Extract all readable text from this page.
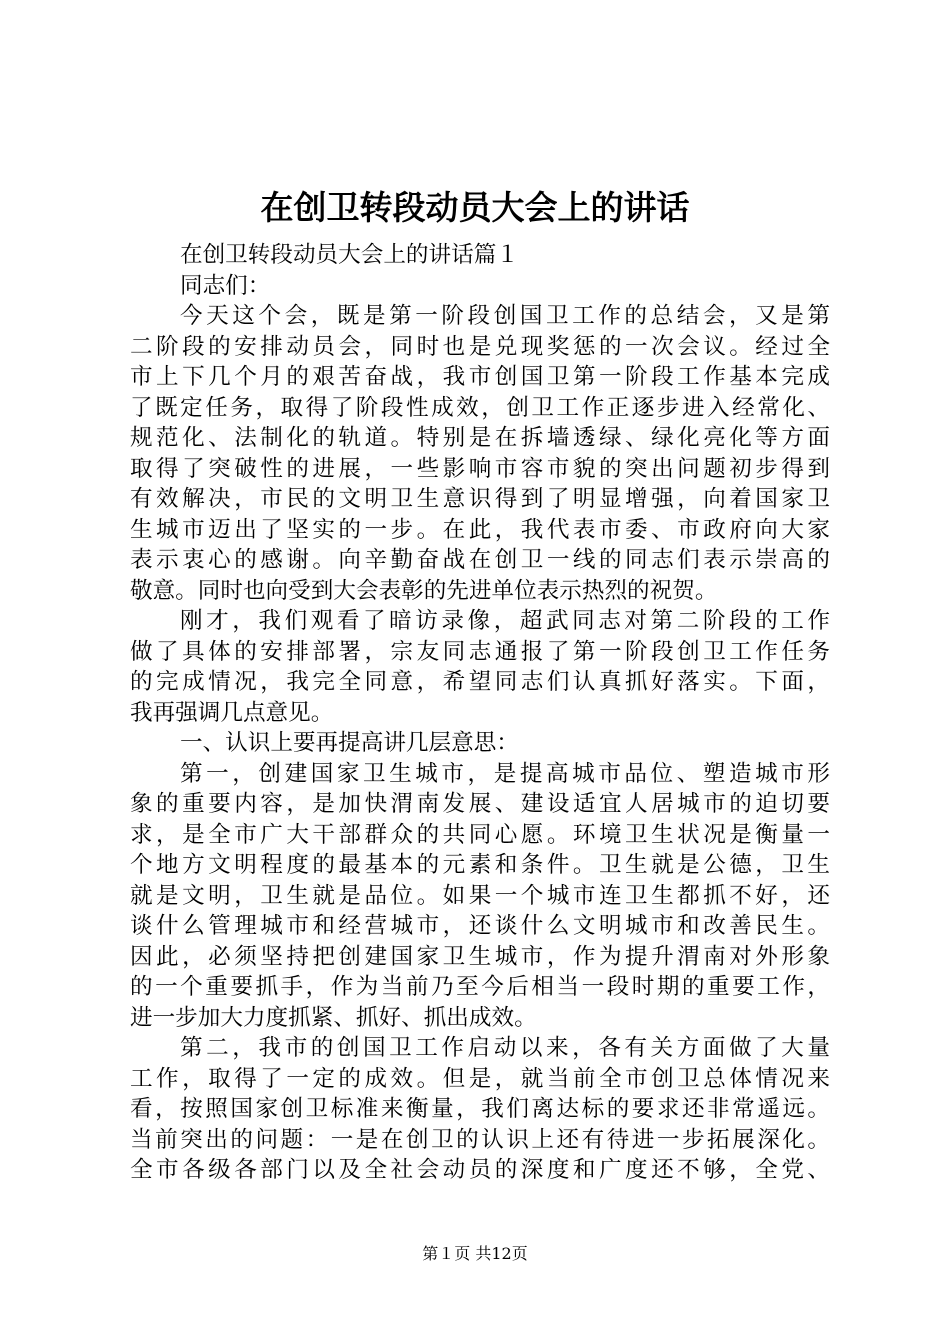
在创卫转段动员大会上的讲话
在创卫转段动员大会上的讲话篇１
同志们：
今天这个会，既是第一阶段创国卫工作的总结会，又是第
二阶段的安排动员会，同时也是兑现奖惩的一次会议。经过全
市上下几个月的艰苦奋战，我市创国卫第一阶段工作基本完成
了既定任务，取得了阶段性成效，创卫工作正逐步进入经常化、
规范化、法制化的轨道。特别是在拆墙透绿、绿化亮化等方面
取得了突破性的进展，一些影响市容市貌的突出问题初步得到
有效解决，市民的文明卫生意识得到了明显增强，向着国家卫
生城市迈出了坚实的一步。在此，我代表市委、市政府向大家
表示衷心的感谢。向辛勤奋战在创卫一线的同志们表示崇高的
敬意。同时也向受到大会表彰的先进单位表示热烈的祝贺。
刚才，我们观看了暗访录像，超武同志对第二阶段的工作
做了具体的安排部署，宗友同志通报了第一阶段创卫工作任务
的完成情况，我完全同意，希望同志们认真抓好落实。下面，
我再强调几点意见。
一、认识上要再提高讲几层意思：
第一，创建国家卫生城市，是提高城市品位、塑造城市形
象的重要内容，是加快渭南发展、建设适宜人居城市的迫切要
求，是全市广大干部群众的共同心愿。环境卫生状况是衡量一
个地方文明程度的最基本的元素和条件。卫生就是公德，卫生
就是文明，卫生就是品位。如果一个城市连卫生都抓不好，还
谈什么管理城市和经营城市，还谈什么文明城市和改善民生。
因此，必须坚持把创建国家卫生城市，作为提升渭南对外形象
的一个重要抓手，作为当前乃至今后相当一段时期的重要工作，
进一步加大力度抓紧、抓好、抓出成效。
第二，我市的创国卫工作启动以来，各有关方面做了大量
工作，取得了一定的成效。但是，就当前全市创卫总体情况来
看，按照国家创卫标准来衡量，我们离达标的要求还非常遥远。
当前突出的问题：一是在创卫的认识上还有待进一步拓展深化。
全市各级各部门以及全社会动员的深度和广度还不够，全党、
第１页 共12页
